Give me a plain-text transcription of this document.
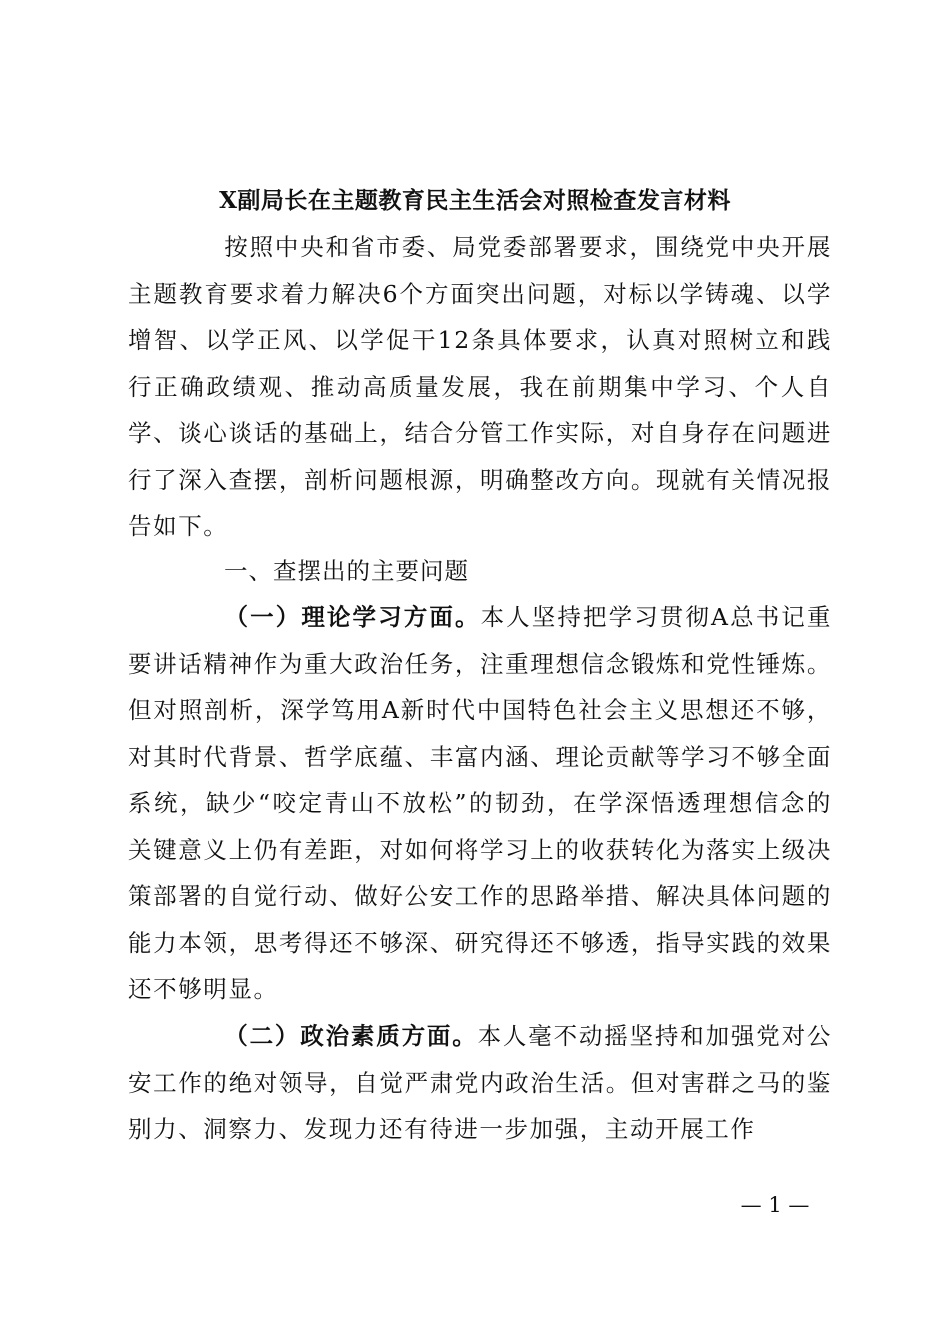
X副局长在主题教育民主生活会对照检查发言材料
按照中央和省市委、局党委部署要求，围绕党中央开展主题教育要求着力解决6个方面突出问题，对标以学铸魂、以学增智、以学正风、以学促干12条具体要求，认真对照树立和践行正确政绩观、推动高质量发展，我在前期集中学习、个人自学、谈心谈话的基础上，结合分管工作实际，对自身存在问题进行了深入查摆，剖析问题根源，明确整改方向。现就有关情况报告如下。
一、查摆出的主要问题
（一）理论学习方面。本人坚持把学习贯彻A总书记重要讲话精神作为重大政治任务，注重理想信念锻炼和党性锤炼。但对照剖析，深学笃用A新时代中国特色社会主义思想还不够，对其时代背景、哲学底蕴、丰富内涵、理论贡献等学习不够全面系统，缺少“咬定青山不放松”的韧劲，在学深悟透理想信念的关键意义上仍有差距，对如何将学习上的收获转化为落实上级决策部署的自觉行动、做好公安工作的思路举措、解决具体问题的能力本领，思考得还不够深、研究得还不够透，指导实践的效果还不够明显。
（二）政治素质方面。本人毫不动摇坚持和加强党对公安工作的绝对领导，自觉严肃党内政治生活。但对害群之马的鉴别力、洞察力、发现力还有待进一步加强，主动开展工作
— 1 —
